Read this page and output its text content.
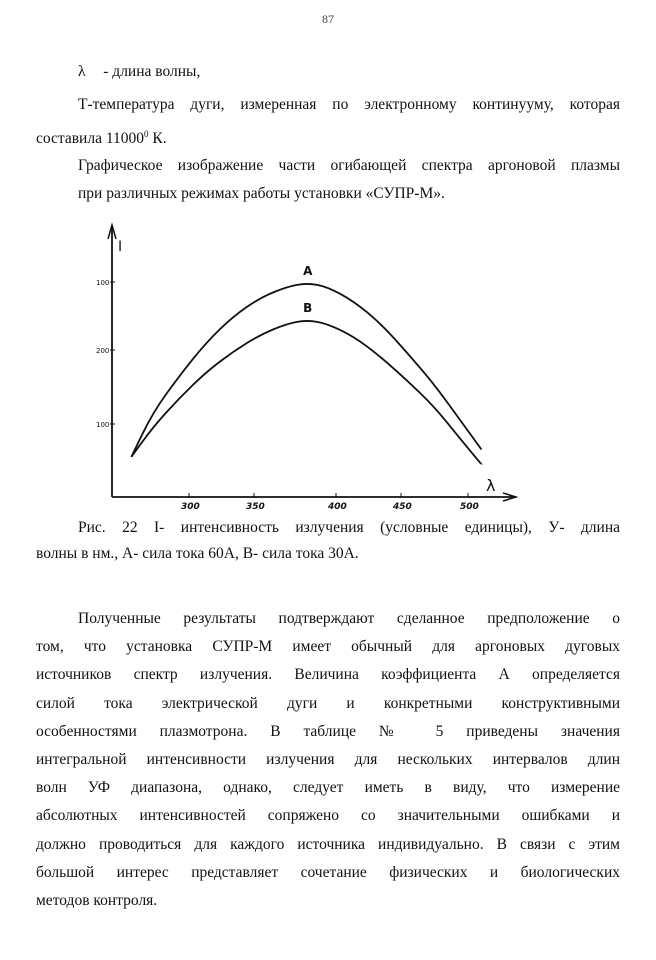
87
λ - длина волны,
Т-температура дуги, измеренная по электронному континууму, которая
составила 11000$^0$ К.
Графическое изображение части огибающей спектра аргоновой плазмы
при различных режимах работы установки «СУПР-М».
300	350	400	450	500
100
200
100
I
λ
A
B
Рис. 22 I- интенсивность излучения (условные единицы), У- длина
волны в нм., А- сила тока 60А, В- сила тока 30А.
Полученные результаты подтверждают сделанное предположение о
том, что установка СУПР-М имеет обычный для аргоновых дуговых
источников спектр излучения. Величина коэффициента А определяется
силой тока электрической дуги и конкретными конструктивными
особенностями плазмотрона. В таблице № 5 приведены значения
интегральной интенсивности излучения для нескольких интервалов длин
волн УФ диапазона, однако, следует иметь в виду, что измерение
абсолютных интенсивностей сопряжено со значительными ошибками и
должно проводиться для каждого источника индивидуально. В связи с этим
большой интерес представляет сочетание физических и биологических
методов контроля.
